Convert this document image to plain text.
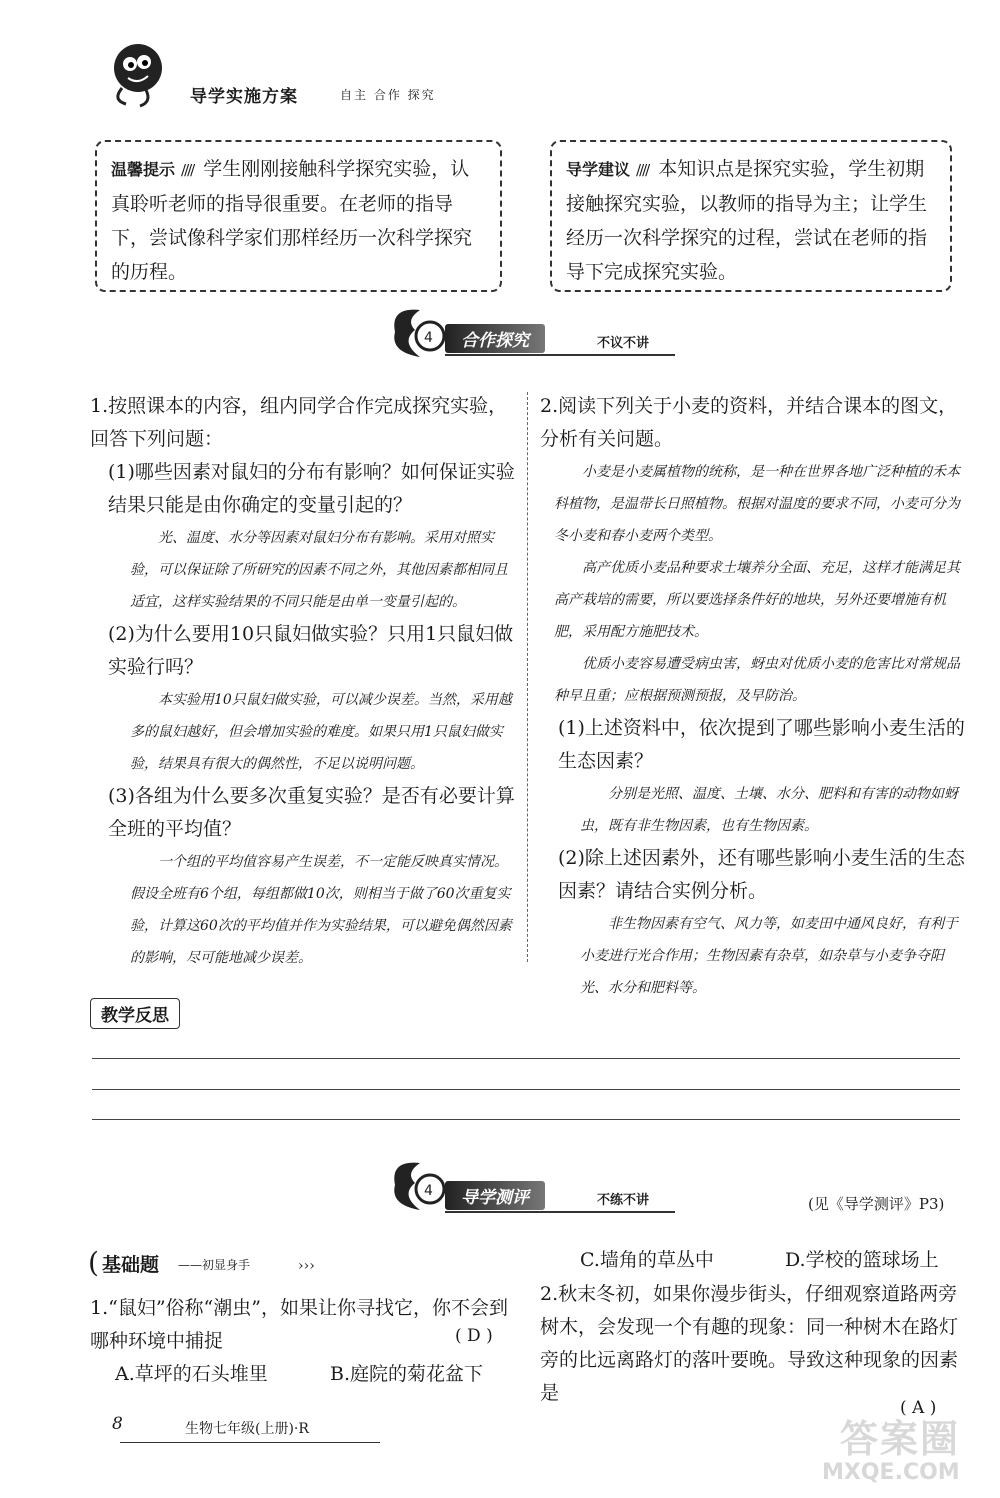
导学实施方案	自主 合作 探究
温馨提示 //// 学生刚刚接触科学探究实验，认真聆听老师的指导很重要。在老师的指导下，尝试像科学家们那样经历一次科学探究的历程。
导学建议 //// 本知识点是探究实验，学生初期接触探究实验，以教师的指导为主；让学生经历一次科学探究的过程，尝试在老师的指导下完成探究实验。
4	合作探究	不议不讲
1.按照课本的内容，组内同学合作完成探究实验，回答下列问题：
(1)哪些因素对鼠妇的分布有影响？如何保证实验结果只能是由你确定的变量引起的？
光、温度、水分等因素对鼠妇分布有影响。采用对照实验，可以保证除了所研究的因素不同之外，其他因素都相同且适宜，这样实验结果的不同只能是由单一变量引起的。
(2)为什么要用10只鼠妇做实验？只用1只鼠妇做实验行吗？
本实验用10只鼠妇做实验，可以减少误差。当然，采用越多的鼠妇越好，但会增加实验的难度。如果只用1只鼠妇做实验，结果具有很大的偶然性，不足以说明问题。
(3)各组为什么要多次重复实验？是否有必要计算全班的平均值？
一个组的平均值容易产生误差，不一定能反映真实情况。假设全班有6个组，每组都做10次，则相当于做了60次重复实验，计算这60次的平均值并作为实验结果，可以避免偶然因素的影响，尽可能地减少误差。
2.阅读下列关于小麦的资料，并结合课本的图文，分析有关问题。
小麦是小麦属植物的统称，是一种在世界各地广泛种植的禾本科植物，是温带长日照植物。根据对温度的要求不同，小麦可分为冬小麦和春小麦两个类型。
高产优质小麦品种要求土壤养分全面、充足，这样才能满足其高产栽培的需要，所以要选择条件好的地块，另外还要增施有机肥，采用配方施肥技术。
优质小麦容易遭受病虫害，蚜虫对优质小麦的危害比对常规品种早且重；应根据预测预报，及早防治。
(1)上述资料中，依次提到了哪些影响小麦生活的生态因素？
分别是光照、温度、土壤、水分、肥料和有害的动物如蚜虫，既有非生物因素，也有生物因素。
(2)除上述因素外，还有哪些影响小麦生活的生态因素？请结合实例分析。
非生物因素有空气、风力等，如麦田中通风良好，有利于小麦进行光合作用；生物因素有杂草，如杂草与小麦争夺阳光、水分和肥料等。
教学反思
4	导学测评	不练不讲	(见《导学测评》P3)
( 基础题 ——初显身手	›››
1.“鼠妇”俗称“潮虫”，如果让你寻找它，你不会到哪种环境中捕捉	( D )
A.草坪的石头堆里	B.庭院的菊花盆下
C.墙角的草丛中	D.学校的篮球场上
2.秋末冬初，如果你漫步街头，仔细观察道路两旁树木，会发现一个有趣的现象：同一种树木在路灯旁的比远离路灯的落叶要晚。导致这种现象的因素是
( A )
8	生物七年级(上册)·R	答案圈
MXQE.COM
